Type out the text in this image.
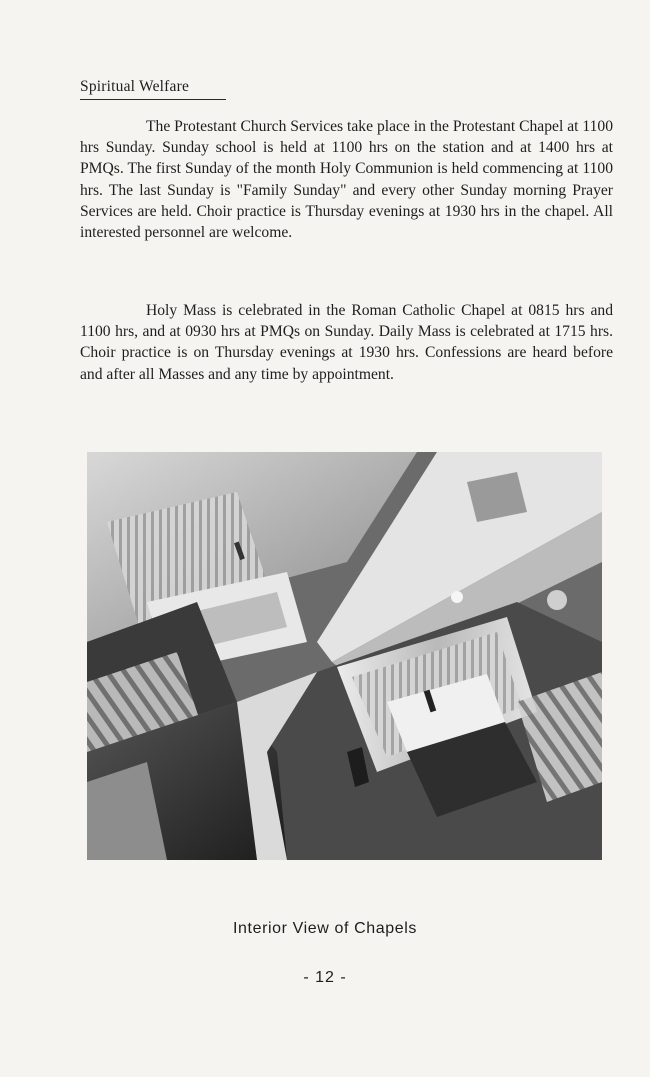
Spiritual Welfare

The Protestant Church Services take place in the Protestant Chapel at 1100 hrs Sunday. Sunday school is held at 1100 hrs on the station and at 1400 hrs at PMQs. The first Sunday of the month Holy Communion is held commencing at 1100 hrs. The last Sunday is "Family Sunday" and every other Sunday morning Prayer Services are held. Choir practice is Thursday evenings at 1930 hrs in the chapel. All interested personnel are welcome.

Holy Mass is celebrated in the Roman Catholic Chapel at 0815 hrs and 1100 hrs, and at 0930 hrs at PMQs on Sunday. Daily Mass is celebrated at 1715 hrs. Choir practice is on Thursday evenings at 1930 hrs. Confessions are heard before and after all Masses and any time by appointment.

Interior View of Chapels
- 12 -
